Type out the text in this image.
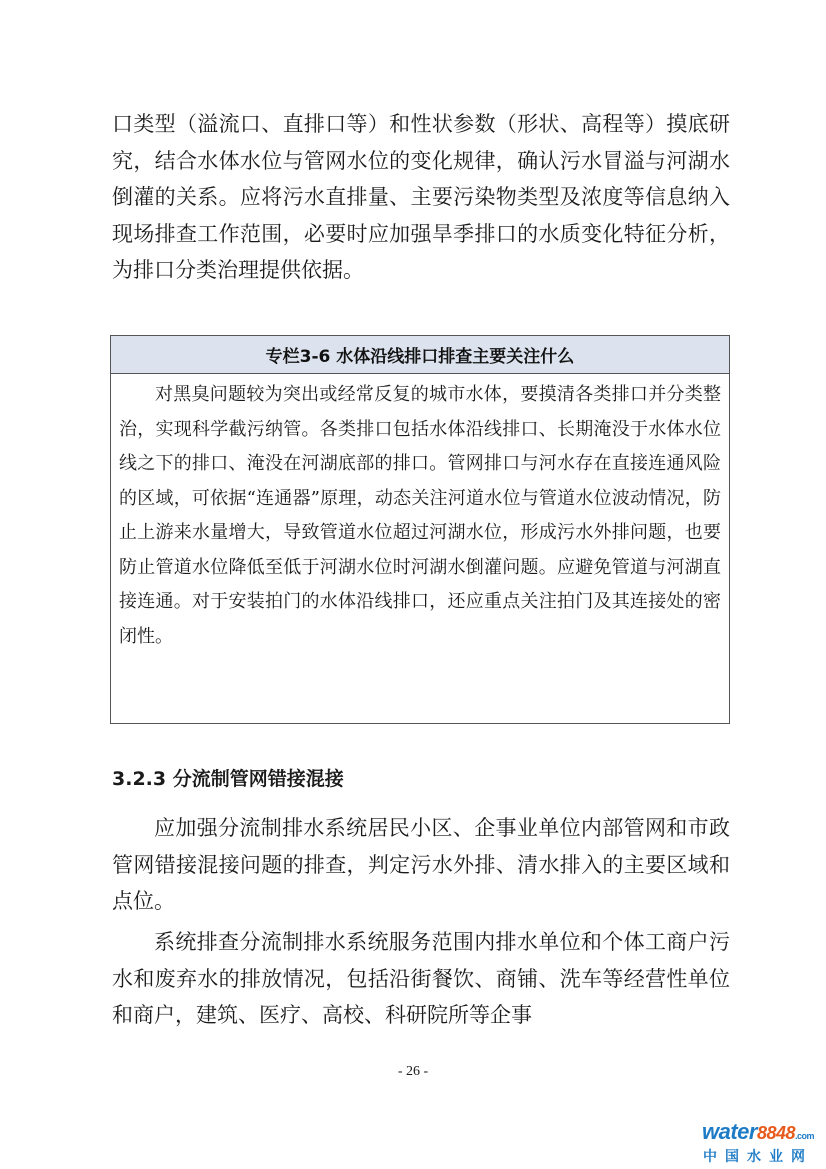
口类型（溢流口、直排口等）和性状参数（形状、高程等）摸底研究，结合水体水位与管网水位的变化规律，确认污水冒溢与河湖水倒灌的关系。应将污水直排量、主要污染物类型及浓度等信息纳入现场排查工作范围，必要时应加强旱季排口的水质变化特征分析，为排口分类治理提供依据。

专栏3-6 水体沿线排口排查主要关注什么

对黑臭问题较为突出或经常反复的城市水体，要摸清各类排口并分类整治，实现科学截污纳管。各类排口包括水体沿线排口、长期淹没于水体水位线之下的排口、淹没在河湖底部的排口。管网排口与河水存在直接连通风险的区域，可依据“连通器”原理，动态关注河道水位与管道水位波动情况，防止上游来水量增大，导致管道水位超过河湖水位，形成污水外排问题，也要防止管道水位降低至低于河湖水位时河湖水倒灌问题。应避免管道与河湖直接连通。对于安装拍门的水体沿线排口，还应重点关注拍门及其连接处的密闭性。

3.2.3 分流制管网错接混接

应加强分流制排水系统居民小区、企事业单位内部管网和市政管网错接混接问题的排查，判定污水外排、清水排入的主要区域和点位。

系统排查分流制排水系统服务范围内排水单位和个体工商户污水和废弃水的排放情况，包括沿街餐饮、商铺、洗车等经营性单位和商户，建筑、医疗、高校、科研院所等企事

- 26 -
water8848.com
中国水业网
